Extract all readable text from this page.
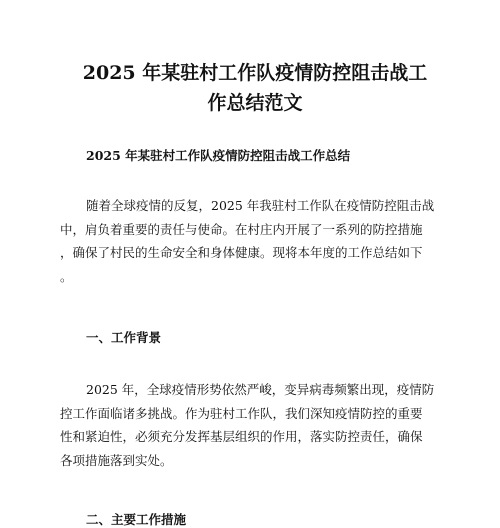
2025 年某驻村工作队疫情防控阻击战工
作总结范文

2025 年某驻村工作队疫情防控阻击战工作总结

随着全球疫情的反复，2025 年我驻村工作队在疫情防控阻击战
中，肩负着重要的责任与使命。在村庄内开展了一系列的防控措施
，确保了村民的生命安全和身体健康。现将本年度的工作总结如下
。
一、工作背景
2025 年，全球疫情形势依然严峻，变异病毒频繁出现，疫情防
控工作面临诸多挑战。作为驻村工作队，我们深知疫情防控的重要
性和紧迫性，必须充分发挥基层组织的作用，落实防控责任，确保
各项措施落到实处。
二、主要工作措施
